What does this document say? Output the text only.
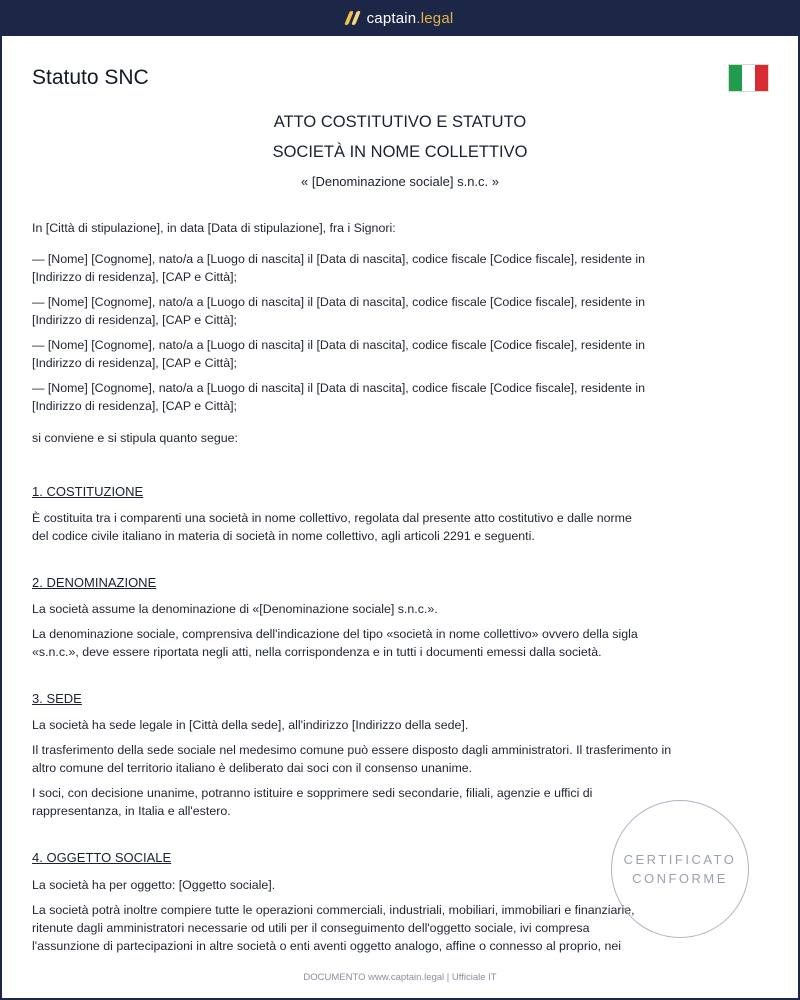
captain.legal
Statuto SNC
ATTO COSTITUTIVO E STATUTO
SOCIETÀ IN NOME COLLETTIVO
« [Denominazione sociale] s.n.c. »

In [Città di stipulazione], in data [Data di stipulazione], fra i Signori:

— [Nome] [Cognome], nato/a a [Luogo di nascita] il [Data di nascita], codice fiscale [Codice fiscale], residente in
[Indirizzo di residenza], [CAP e Città];

— [Nome] [Cognome], nato/a a [Luogo di nascita] il [Data di nascita], codice fiscale [Codice fiscale], residente in
[Indirizzo di residenza], [CAP e Città];

— [Nome] [Cognome], nato/a a [Luogo di nascita] il [Data di nascita], codice fiscale [Codice fiscale], residente in
[Indirizzo di residenza], [CAP e Città];

— [Nome] [Cognome], nato/a a [Luogo di nascita] il [Data di nascita], codice fiscale [Codice fiscale], residente in
[Indirizzo di residenza], [CAP e Città];

si conviene e si stipula quanto segue:

1. COSTITUZIONE

È costituita tra i comparenti una società in nome collettivo, regolata dal presente atto costitutivo e dalle norme
del codice civile italiano in materia di società in nome collettivo, agli articoli 2291 e seguenti.

2. DENOMINAZIONE

La società assume la denominazione di «[Denominazione sociale] s.n.c.».

La denominazione sociale, comprensiva dell'indicazione del tipo «società in nome collettivo» ovvero della sigla
«s.n.c.», deve essere riportata negli atti, nella corrispondenza e in tutti i documenti emessi dalla società.

3. SEDE

La società ha sede legale in [Città della sede], all'indirizzo [Indirizzo della sede].

Il trasferimento della sede sociale nel medesimo comune può essere disposto dagli amministratori. Il trasferimento in
altro comune del territorio italiano è deliberato dai soci con il consenso unanime.

I soci, con decisione unanime, potranno istituire e sopprimere sedi secondarie, filiali, agenzie e uffici di
rappresentanza, in Italia e all'estero.

4. OGGETTO SOCIALE

La società ha per oggetto: [Oggetto sociale].

La società potrà inoltre compiere tutte le operazioni commerciali, industriali, mobiliari, immobiliari e finanziarie,
ritenute dagli amministratori necessarie od utili per il conseguimento dell'oggetto sociale, ivi compresa
l'assunzione di partecipazioni in altre società o enti aventi oggetto analogo, affine o connesso al proprio, nei

CERTIFICATO
CONFORME
DOCUMENTO www.captain.legal | Ufficiale IT
